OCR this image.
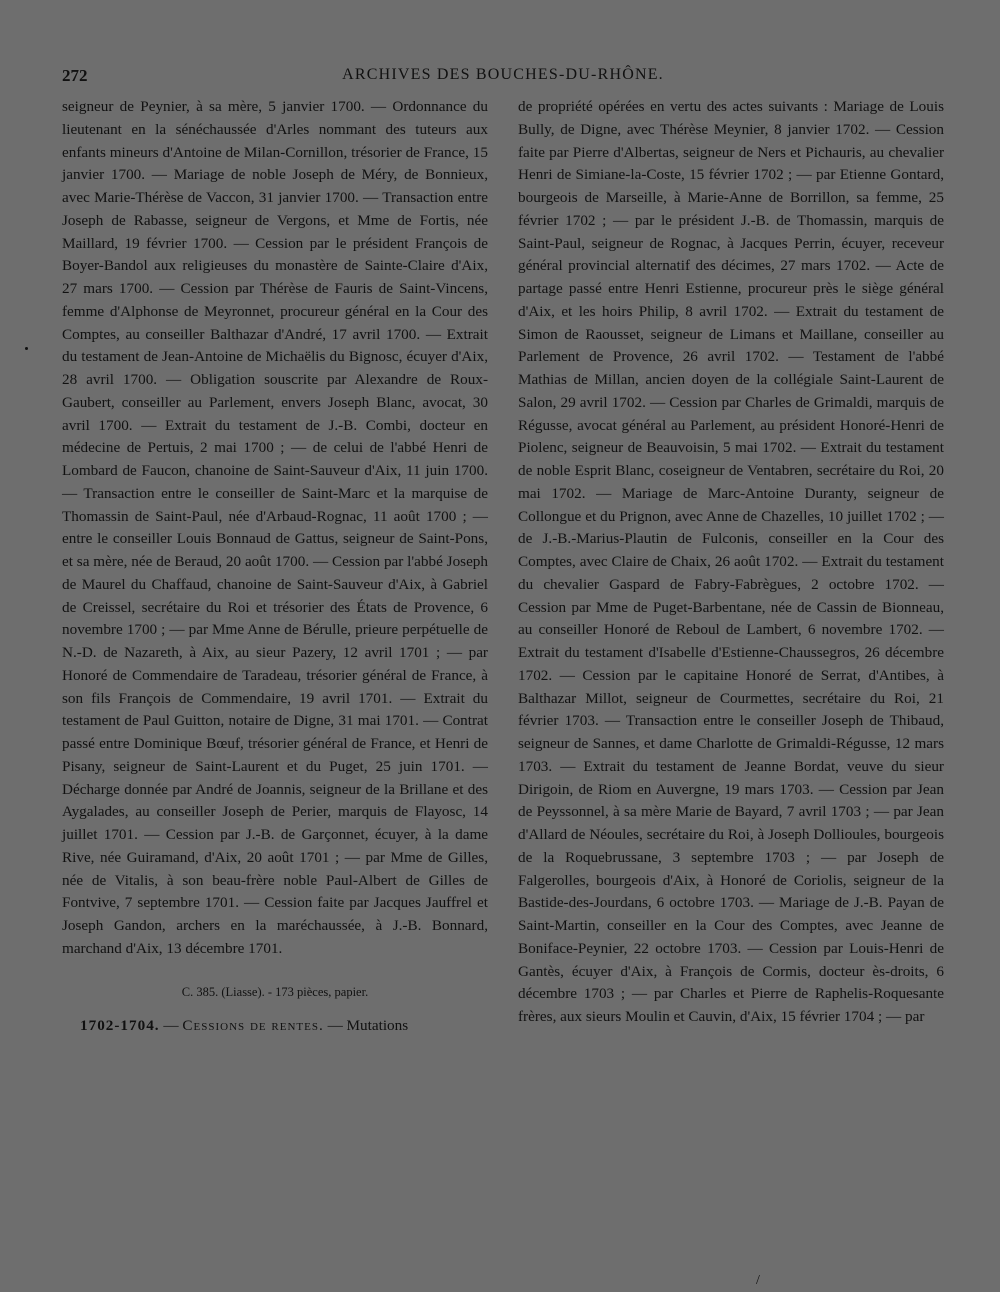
272	ARCHIVES DES BOUCHES-DU-RHÔNE.

seigneur de Peynier, à sa mère, 5 janvier 1700. — Ordonnance du lieutenant en la sénéchaussée d'Arles nommant des tuteurs aux enfants mineurs d'Antoine de Milan-Cornillon, trésorier de France, 15 janvier 1700. — Mariage de noble Joseph de Méry, de Bonnieux, avec Marie-Thérèse de Vaccon, 31 janvier 1700. — Transaction entre Joseph de Rabasse, seigneur de Vergons, et Mme de Fortis, née Maillard, 19 février 1700. — Cession par le président François de Boyer-Bandol aux religieuses du monastère de Sainte-Claire d'Aix, 27 mars 1700. — Cession par Thérèse de Fauris de Saint-Vincens, femme d'Alphonse de Meyronnet, procureur général en la Cour des Comptes, au conseiller Balthazar d'André, 17 avril 1700. — Extrait du testament de Jean-Antoine de Michaëlis du Bignosc, écuyer d'Aix, 28 avril 1700. — Obligation souscrite par Alexandre de Roux-Gaubert, conseiller au Parlement, envers Joseph Blanc, avocat, 30 avril 1700. — Extrait du testament de J.-B. Combi, docteur en médecine de Pertuis, 2 mai 1700 ; — de celui de l'abbé Henri de Lombard de Faucon, chanoine de Saint-Sauveur d'Aix, 11 juin 1700. — Transaction entre le conseiller de Saint-Marc et la marquise de Thomassin de Saint-Paul, née d'Arbaud-Rognac, 11 août 1700 ; — entre le conseiller Louis Bonnaud de Gattus, seigneur de Saint-Pons, et sa mère, née de Beraud, 20 août 1700. — Cession par l'abbé Joseph de Maurel du Chaffaud, chanoine de Saint-Sauveur d'Aix, à Gabriel de Creissel, secrétaire du Roi et trésorier des États de Provence, 6 novembre 1700 ; — par Mme Anne de Bérulle, prieure perpétuelle de N.-D. de Nazareth, à Aix, au sieur Pazery, 12 avril 1701 ; — par Honoré de Commendaire de Taradeau, trésorier général de France, à son fils François de Commendaire, 19 avril 1701. — Extrait du testament de Paul Guitton, notaire de Digne, 31 mai 1701. — Contrat passé entre Dominique Bœuf, trésorier général de France, et Henri de Pisany, seigneur de Saint-Laurent et du Puget, 25 juin 1701. — Décharge donnée par André de Joannis, seigneur de la Brillane et des Aygalades, au conseiller Joseph de Perier, marquis de Flayosc, 14 juillet 1701. — Cession par J.-B. de Garçonnet, écuyer, à la dame Rive, née Guiramand, d'Aix, 20 août 1701 ; — par Mme de Gilles, née de Vitalis, à son beau-frère noble Paul-Albert de Gilles de Fontvive, 7 septembre 1701. — Cession faite par Jacques Jauffrel et Joseph Gandon, archers en la maréchaussée, à J.-B. Bonnard, marchand d'Aix, 13 décembre 1701.

C. 385. (Liasse). - 173 pièces, papier.

1702-1704. — Cessions de rentes. — Mutations

de propriété opérées en vertu des actes suivants : Mariage de Louis Bully, de Digne, avec Thérèse Meynier, 8 janvier 1702. — Cession faite par Pierre d'Albertas, seigneur de Ners et Pichauris, au chevalier Henri de Simiane-la-Coste, 15 février 1702 ; — par Etienne Gontard, bourgeois de Marseille, à Marie-Anne de Borrillon, sa femme, 25 février 1702 ; — par le président J.-B. de Thomassin, marquis de Saint-Paul, seigneur de Rognac, à Jacques Perrin, écuyer, receveur général provincial alternatif des décimes, 27 mars 1702. — Acte de partage passé entre Henri Estienne, procureur près le siège général d'Aix, et les hoirs Philip, 8 avril 1702. — Extrait du testament de Simon de Raousset, seigneur de Limans et Maillane, conseiller au Parlement de Provence, 26 avril 1702. — Testament de l'abbé Mathias de Millan, ancien doyen de la collégiale Saint-Laurent de Salon, 29 avril 1702. — Cession par Charles de Grimaldi, marquis de Régusse, avocat général au Parlement, au président Honoré-Henri de Piolenc, seigneur de Beauvoisin, 5 mai 1702. — Extrait du testament de noble Esprit Blanc, coseigneur de Ventabren, secrétaire du Roi, 20 mai 1702. — Mariage de Marc-Antoine Duranty, seigneur de Collongue et du Prignon, avec Anne de Chazelles, 10 juillet 1702 ; — de J.-B.-Marius-Plautin de Fulconis, conseiller en la Cour des Comptes, avec Claire de Chaix, 26 août 1702. — Extrait du testament du chevalier Gaspard de Fabry-Fabrègues, 2 octobre 1702. — Cession par Mme de Puget-Barbentane, née de Cassin de Bionneau, au conseiller Honoré de Reboul de Lambert, 6 novembre 1702. — Extrait du testament d'Isabelle d'Estienne-Chaussegros, 26 décembre 1702. — Cession par le capitaine Honoré de Serrat, d'Antibes, à Balthazar Millot, seigneur de Courmettes, secrétaire du Roi, 21 février 1703. — Transaction entre le conseiller Joseph de Thibaud, seigneur de Sannes, et dame Charlotte de Grimaldi-Régusse, 12 mars 1703. — Extrait du testament de Jeanne Bordat, veuve du sieur Dirigoin, de Riom en Auvergne, 19 mars 1703. — Cession par Jean de Peyssonnel, à sa mère Marie de Bayard, 7 avril 1703 ; — par Jean d'Allard de Néoules, secrétaire du Roi, à Joseph Dollioules, bourgeois de la Roquebrussane, 3 septembre 1703 ; — par Joseph de Falgerolles, bourgeois d'Aix, à Honoré de Coriolis, seigneur de la Bastide-des-Jourdans, 6 octobre 1703. — Mariage de J.-B. Payan de Saint-Martin, conseiller en la Cour des Comptes, avec Jeanne de Boniface-Peynier, 22 octobre 1703. — Cession par Louis-Henri de Gantès, écuyer d'Aix, à François de Cormis, docteur ès-droits, 6 décembre 1703 ; — par Charles et Pierre de Raphelis-Roquesante frères, aux sieurs Moulin et Cauvin, d'Aix, 15 février 1704 ; — par

/
